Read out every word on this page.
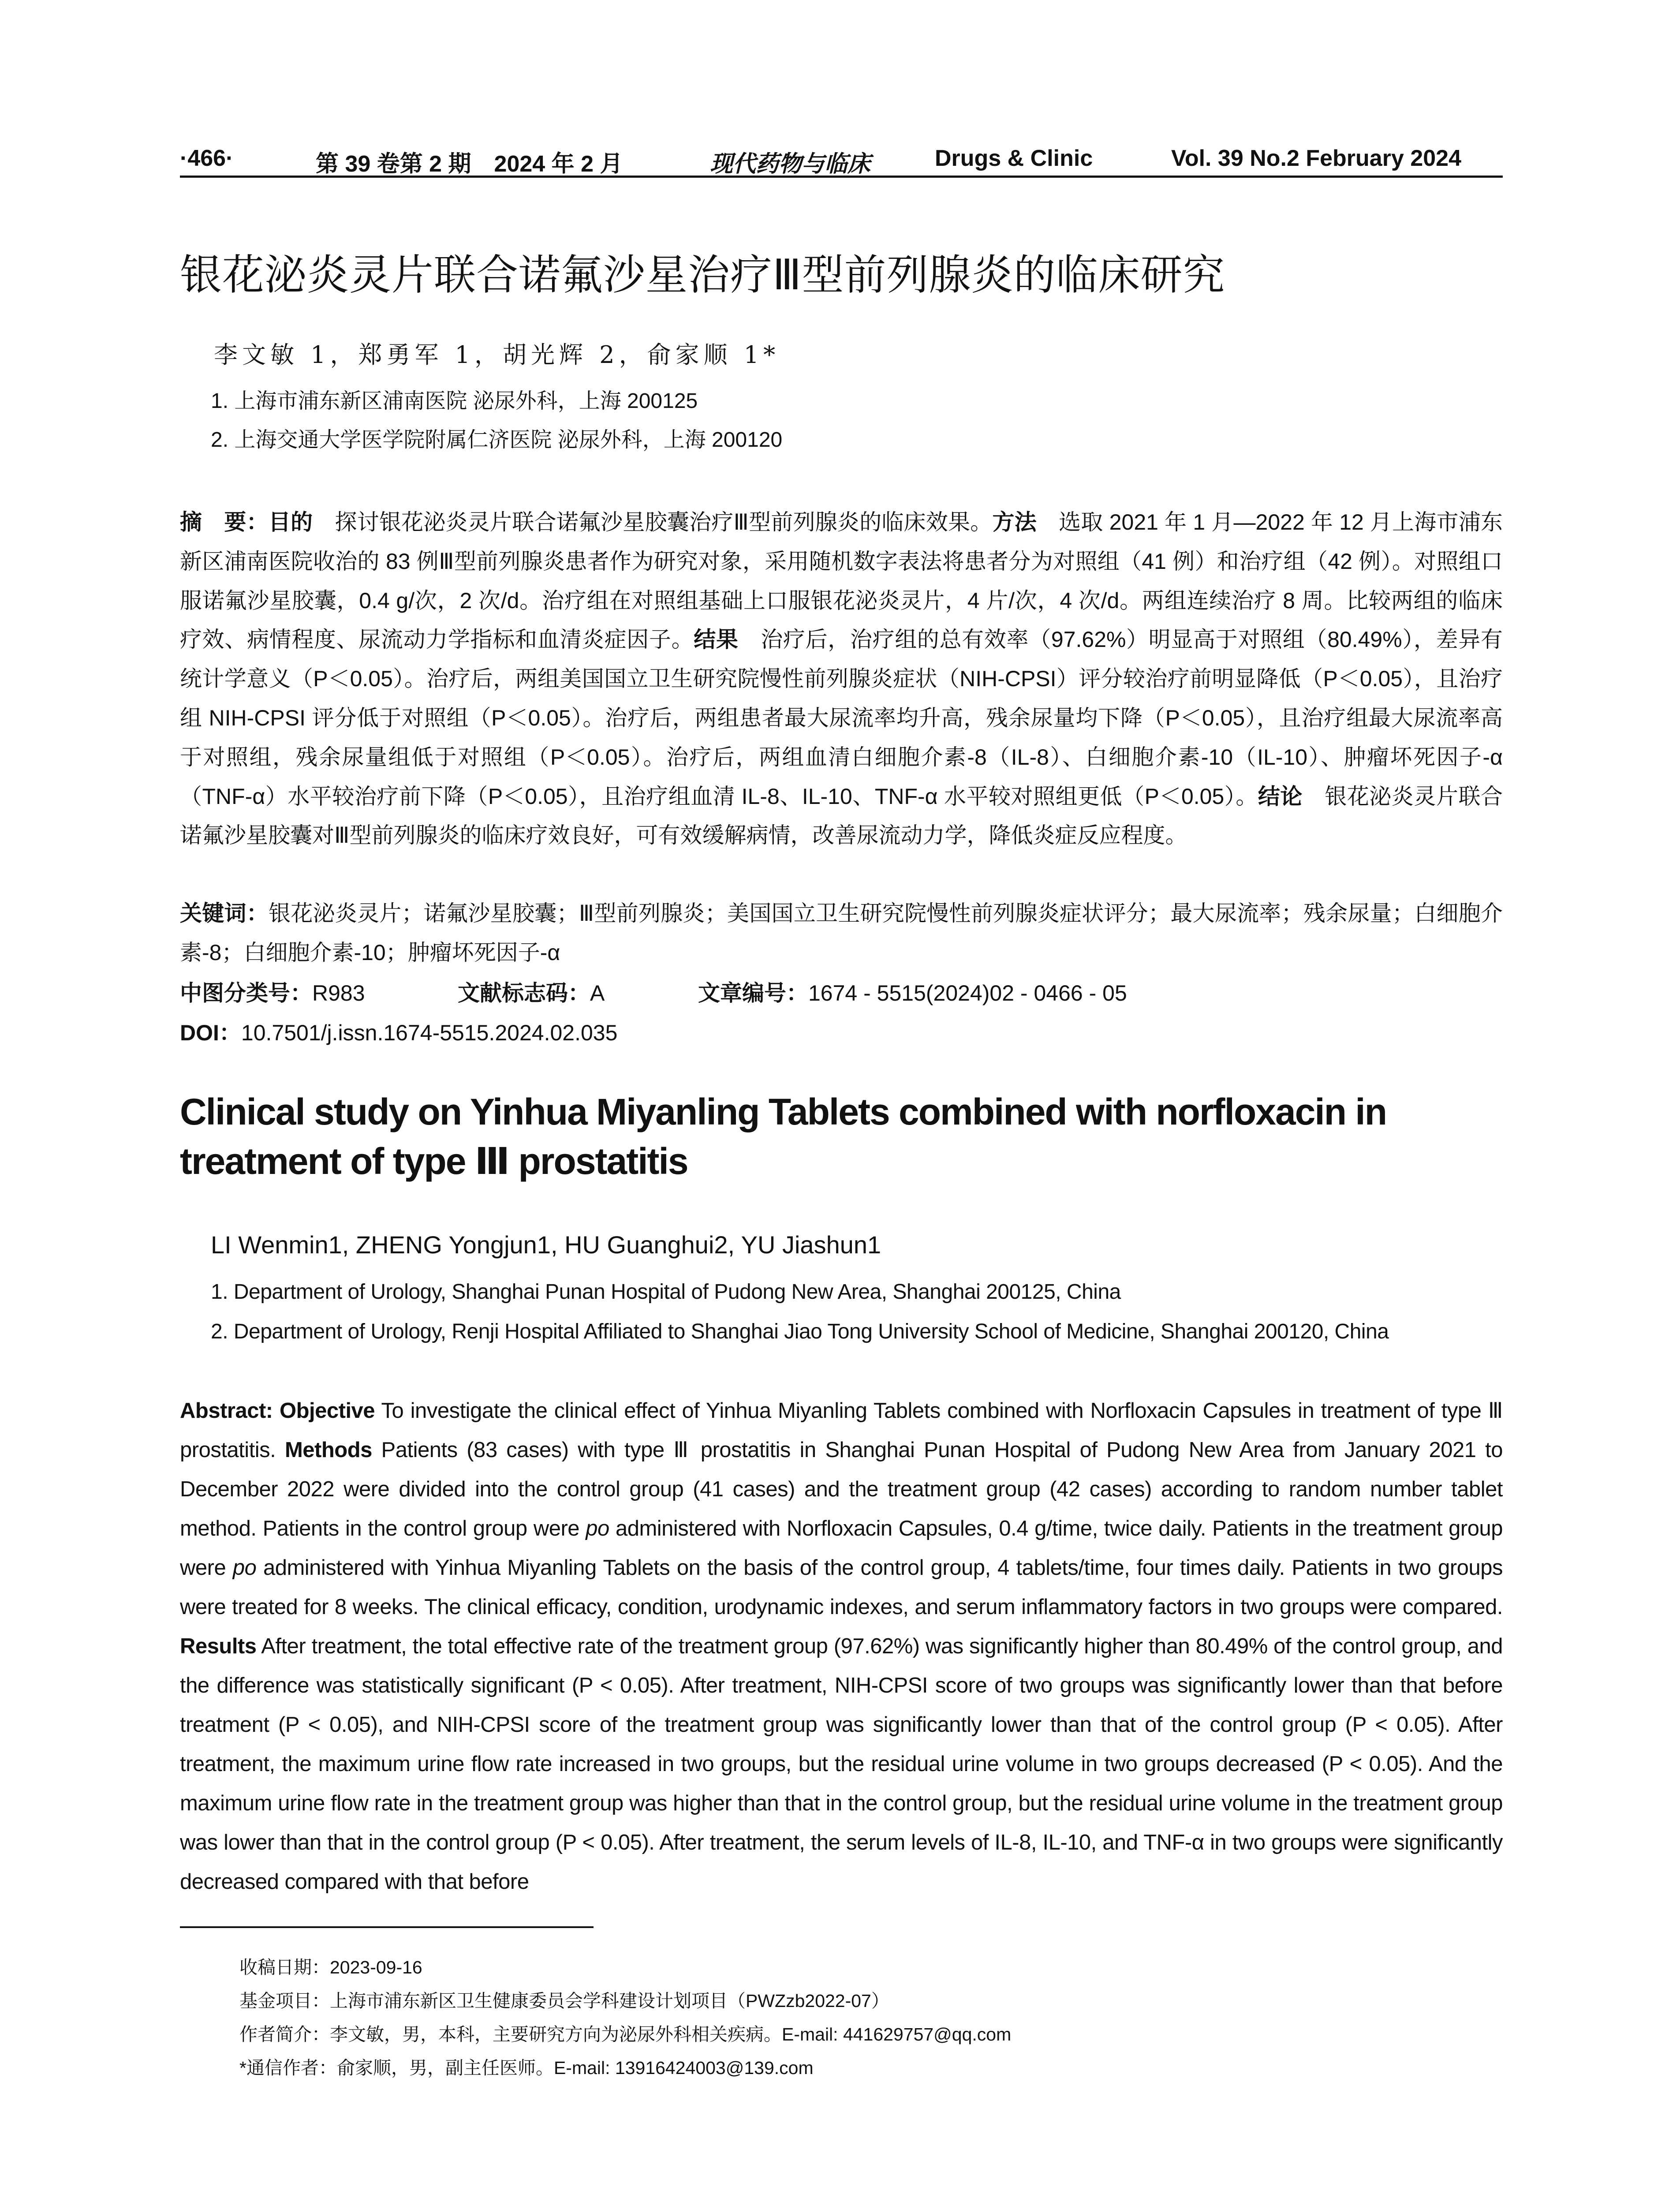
·466·	第 39 卷第 2 期　2024 年 2 月	现代药物与临床	Drugs & Clinic	Vol. 39 No.2 February 2024
银花泌炎灵片联合诺氟沙星治疗Ⅲ型前列腺炎的临床研究
李文敏 1，郑勇军 1，胡光辉 2，俞家顺 1*
1. 上海市浦东新区浦南医院 泌尿外科，上海 200125
2. 上海交通大学医学院附属仁济医院 泌尿外科，上海 200120
摘　要：目的　探讨银花泌炎灵片联合诺氟沙星胶囊治疗Ⅲ型前列腺炎的临床效果。方法　选取 2021 年 1 月—2022 年 12 月上海市浦东新区浦南医院收治的 83 例Ⅲ型前列腺炎患者作为研究对象，采用随机数字表法将患者分为对照组（41 例）和治疗组（42 例）。对照组口服诺氟沙星胶囊，0.4 g/次，2 次/d。治疗组在对照组基础上口服银花泌炎灵片，4 片/次，4 次/d。两组连续治疗 8 周。比较两组的临床疗效、病情程度、尿流动力学指标和血清炎症因子。结果　治疗后，治疗组的总有效率（97.62%）明显高于对照组（80.49%），差异有统计学意义（P＜0.05）。治疗后，两组美国国立卫生研究院慢性前列腺炎症状（NIH-CPSI）评分较治疗前明显降低（P＜0.05），且治疗组 NIH-CPSI 评分低于对照组（P＜0.05）。治疗后，两组患者最大尿流率均升高，残余尿量均下降（P＜0.05），且治疗组最大尿流率高于对照组，残余尿量组低于对照组（P＜0.05）。治疗后，两组血清白细胞介素-8（IL-8）、白细胞介素-10（IL-10）、肿瘤坏死因子-α（TNF-α）水平较治疗前下降（P＜0.05），且治疗组血清 IL-8、IL-10、TNF-α 水平较对照组更低（P＜0.05）。结论　银花泌炎灵片联合诺氟沙星胶囊对Ⅲ型前列腺炎的临床疗效良好，可有效缓解病情，改善尿流动力学，降低炎症反应程度。
关键词：银花泌炎灵片；诺氟沙星胶囊；Ⅲ型前列腺炎；美国国立卫生研究院慢性前列腺炎症状评分；最大尿流率；残余尿量；白细胞介素-8；白细胞介素-10；肿瘤坏死因子-α
中图分类号：R983	文献标志码：A	文章编号：1674 - 5515(2024)02 - 0466 - 05
DOI：10.7501/j.issn.1674-5515.2024.02.035
Clinical study on Yinhua Miyanling Tablets combined with norfloxacin in treatment of type Ⅲ prostatitis
LI Wenmin1, ZHENG Yongjun1, HU Guanghui2, YU Jiashun1
1. Department of Urology, Shanghai Punan Hospital of Pudong New Area, Shanghai 200125, China
2. Department of Urology, Renji Hospital Affiliated to Shanghai Jiao Tong University School of Medicine, Shanghai 200120, China
Abstract: Objective To investigate the clinical effect of Yinhua Miyanling Tablets combined with Norfloxacin Capsules in treatment of type Ⅲ prostatitis. Methods Patients (83 cases) with type Ⅲ prostatitis in Shanghai Punan Hospital of Pudong New Area from January 2021 to December 2022 were divided into the control group (41 cases) and the treatment group (42 cases) according to random number tablet method. Patients in the control group were po administered with Norfloxacin Capsules, 0.4 g/time, twice daily. Patients in the treatment group were po administered with Yinhua Miyanling Tablets on the basis of the control group, 4 tablets/time, four times daily. Patients in two groups were treated for 8 weeks. The clinical efficacy, condition, urodynamic indexes, and serum inflammatory factors in two groups were compared. Results After treatment, the total effective rate of the treatment group (97.62%) was significantly higher than 80.49% of the control group, and the difference was statistically significant (P < 0.05). After treatment, NIH-CPSI score of two groups was significantly lower than that before treatment (P < 0.05), and NIH-CPSI score of the treatment group was significantly lower than that of the control group (P < 0.05). After treatment, the maximum urine flow rate increased in two groups, but the residual urine volume in two groups decreased (P < 0.05). And the maximum urine flow rate in the treatment group was higher than that in the control group, but the residual urine volume in the treatment group was lower than that in the control group (P < 0.05). After treatment, the serum levels of IL-8, IL-10, and TNF-α in two groups were significantly decreased compared with that before
收稿日期：2023-09-16
基金项目：上海市浦东新区卫生健康委员会学科建设计划项目（PWZzb2022-07）
作者简介：李文敏，男，本科，主要研究方向为泌尿外科相关疾病。E-mail: 441629757@qq.com
*通信作者：俞家顺，男，副主任医师。E-mail: 13916424003@139.com
